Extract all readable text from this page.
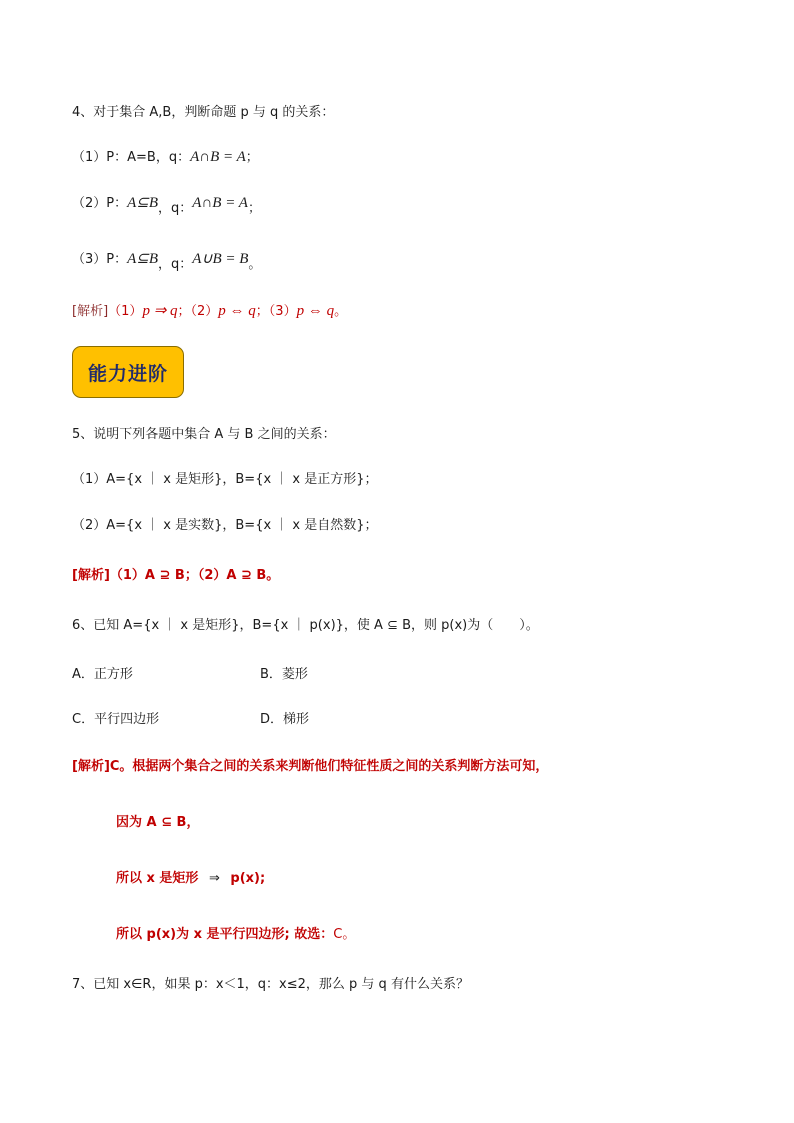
4、对于集合 A,B，判断命题 p 与 q 的关系：
（1）P：A=B，q：A∩B = A；
（2）P：A⊆B，q：A∩B = A；
（3）P：A⊆B，q：A∪B = B。
[解析]（1）p ⇒ q；（2）p ⇔ q；（3）p ⇔ q。
能力进阶
5、说明下列各题中集合 A 与 B 之间的关系：
（1）A={x ｜ x 是矩形}，B={x ｜ x 是正方形}；
（2）A={x ｜ x 是实数}，B={x ｜ x 是自然数}；
[解析]（1）A ⊇ B；（2）A ⊇ B。
6、已知 A={x ｜ x 是矩形}，B={x ｜ p(x)}，使 A ⊆ B，则 p(x)为（　　）。
A．正方形	B．菱形
C．平行四边形	D．梯形
[解析]C。根据两个集合之间的关系来判断他们特征性质之间的关系判断方法可知，
因为 A ⊆ B，
所以 x 是矩形 ⇒ p(x);
所以 p(x)为 x 是平行四边形; 故选：C。
7、已知 x∈R，如果 p：x＜1，q：x≤2，那么 p 与 q 有什么关系？
